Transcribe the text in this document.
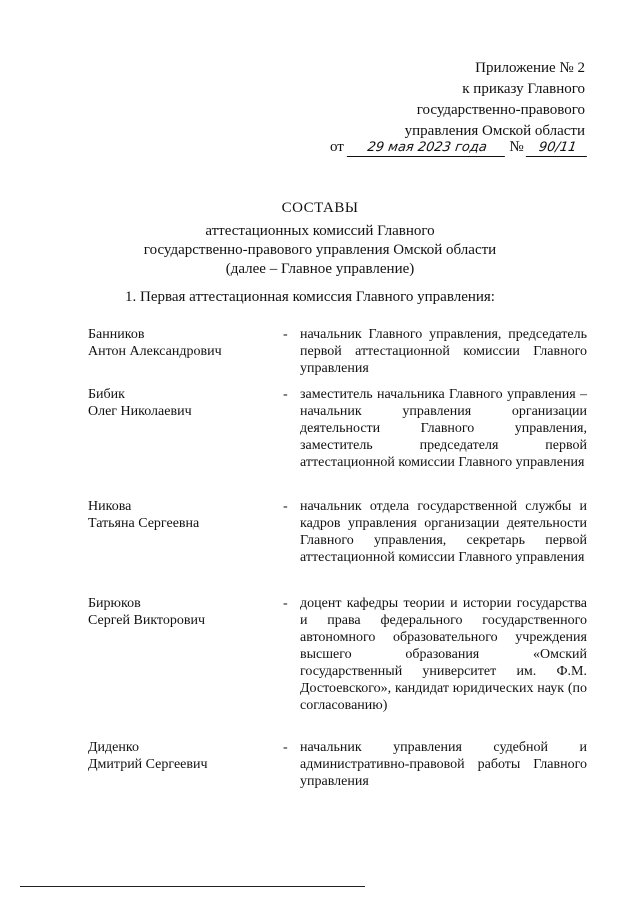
Приложение № 2
к приказу Главного
государственно-правового
управления Омской области
от 29 мая 2023 года № 90/11
СОСТАВЫ
аттестационных комиссий Главного
государственно-правового управления Омской области
(далее – Главное управление)
1. Первая аттестационная комиссия Главного управления:
Банников
Антон Александрович
- начальник Главного управления, председатель первой аттестационной комиссии Главного управления
Бибик
Олег Николаевич
- заместитель начальника Главного управления – начальник управления организации деятельности Главного управления, заместитель председателя первой аттестационной комиссии Главного управления
Никова
Татьяна Сергеевна
- начальник отдела государственной службы и кадров управления организации деятельности Главного управления, секретарь первой аттестационной комиссии Главного управления
Бирюков
Сергей Викторович
- доцент кафедры теории и истории государства и права федерального государственного автономного образовательного учреждения высшего образования «Омский государственный университет им. Ф.М. Достоевского», кандидат юридических наук (по согласованию)
Диденко
Дмитрий Сергеевич
- начальник управления судебной и административно-правовой работы Главного управления
